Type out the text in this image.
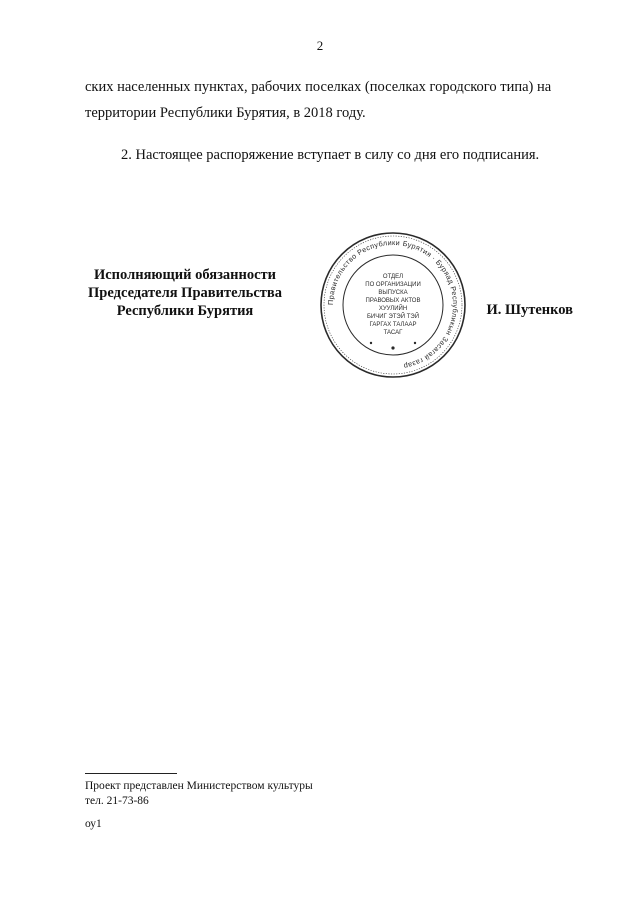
2
ских населенных пунктах, рабочих поселках (поселках городского типа) на
территории Республики Бурятия, в 2018 году.
2. Настоящее распоряжение вступает в силу со дня его подписания.
Исполняющий обязанности
Председателя Правительства
Республики Бурятия
Правительство Республики Бурятия · Буряад Республикын Засагай газар
ОТДЕЛ
ПО ОРГАНИЗАЦИИ
ВЫПУСКА
ПРАВОВЫХ АКТОВ
ХУУЛИЙН
БИЧИГ ЭТЭЙ ТЭЙ
ГАРГАХ ТАЛААР
ТАСАГ
И. Шутенков
Проект представлен Министерством культуры
тел. 21-73-86
оу1
